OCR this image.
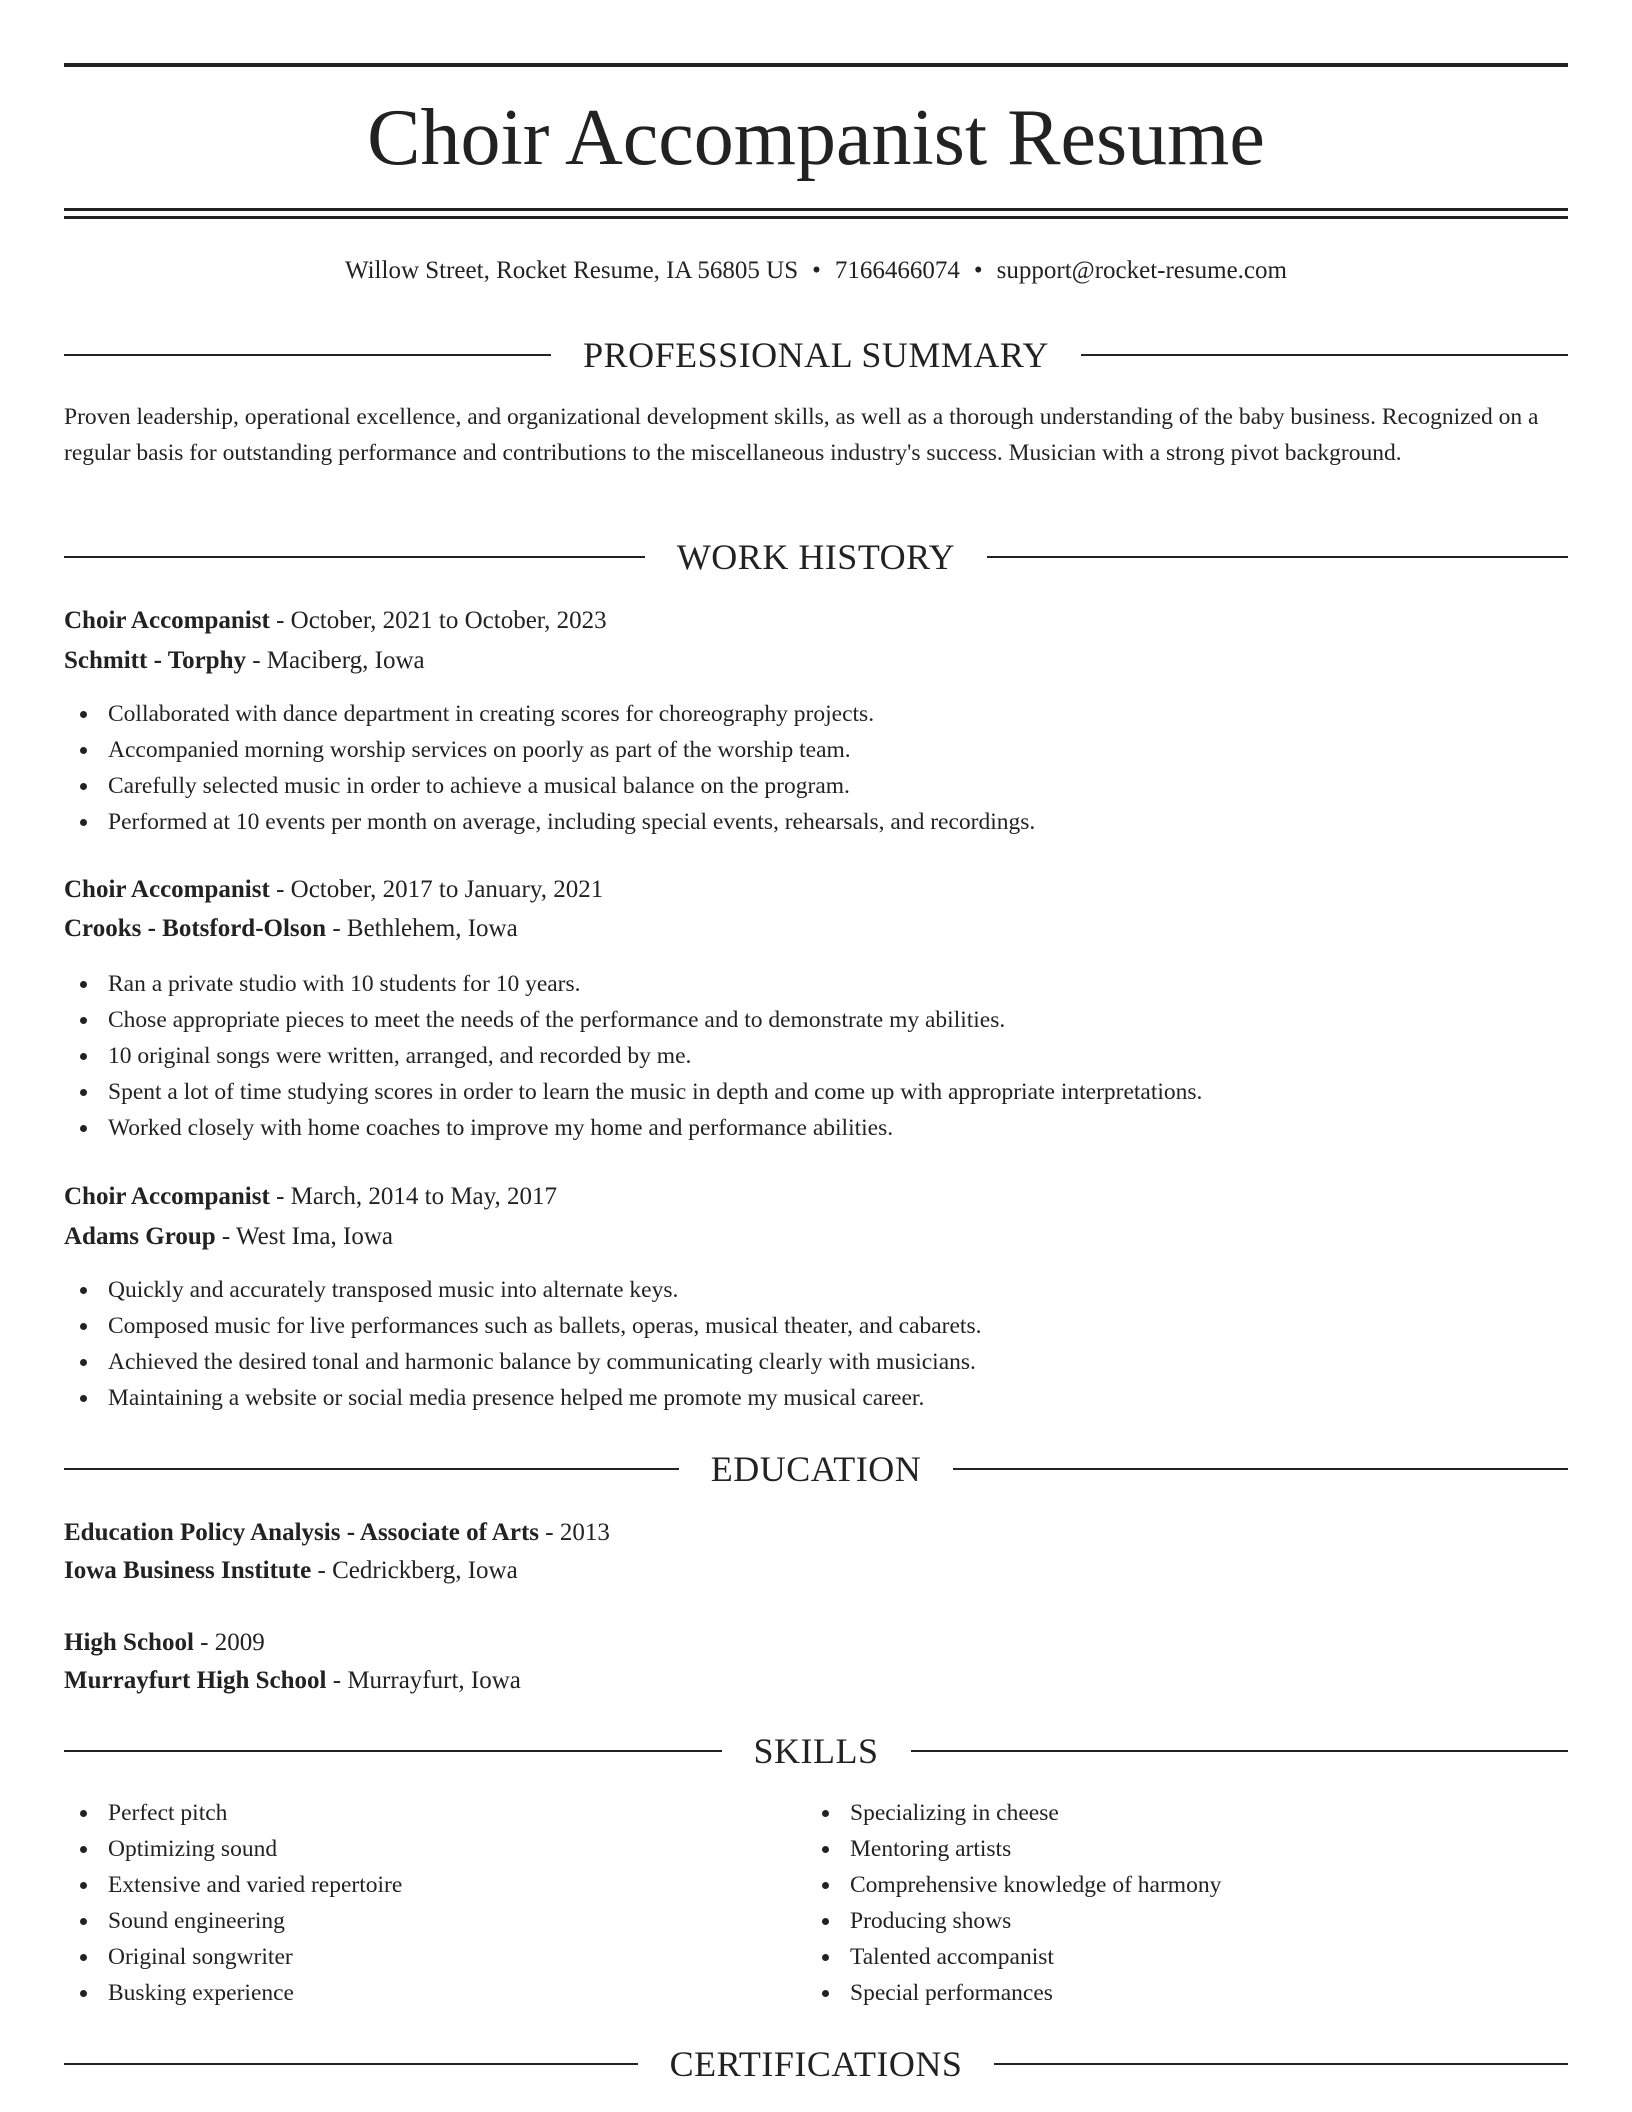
Choir Accompanist Resume
Willow Street, Rocket Resume, IA 56805 US • 7166466074 • support@rocket-resume.com
PROFESSIONAL SUMMARY

Proven leadership, operational excellence, and organizational development skills, as well as a thorough understanding of the baby business. Recognized on a regular basis for outstanding performance and contributions to the miscellaneous industry's success. Musician with a strong pivot background.

WORK HISTORY
Choir Accompanist - October, 2021 to October, 2023
Schmitt - Torphy - Maciberg, Iowa
Collaborated with dance department in creating scores for choreography projects.
Accompanied morning worship services on poorly as part of the worship team.
Carefully selected music in order to achieve a musical balance on the program.
Performed at 10 events per month on average, including special events, rehearsals, and recordings.
Choir Accompanist - October, 2017 to January, 2021
Crooks - Botsford-Olson - Bethlehem, Iowa
Ran a private studio with 10 students for 10 years.
Chose appropriate pieces to meet the needs of the performance and to demonstrate my abilities.
10 original songs were written, arranged, and recorded by me.
Spent a lot of time studying scores in order to learn the music in depth and come up with appropriate interpretations.
Worked closely with home coaches to improve my home and performance abilities.
Choir Accompanist - March, 2014 to May, 2017
Adams Group - West Ima, Iowa
Quickly and accurately transposed music into alternate keys.
Composed music for live performances such as ballets, operas, musical theater, and cabarets.
Achieved the desired tonal and harmonic balance by communicating clearly with musicians.
Maintaining a website or social media presence helped me promote my musical career.
EDUCATION
Education Policy Analysis - Associate of Arts - 2013
Iowa Business Institute - Cedrickberg, Iowa
High School - 2009
Murrayfurt High School - Murrayfurt, Iowa
SKILLS
Perfect pitch
Optimizing sound
Extensive and varied repertoire
Sound engineering
Original songwriter
Busking experience
Specializing in cheese
Mentoring artists
Comprehensive knowledge of harmony
Producing shows
Talented accompanist
Special performances
CERTIFICATIONS
